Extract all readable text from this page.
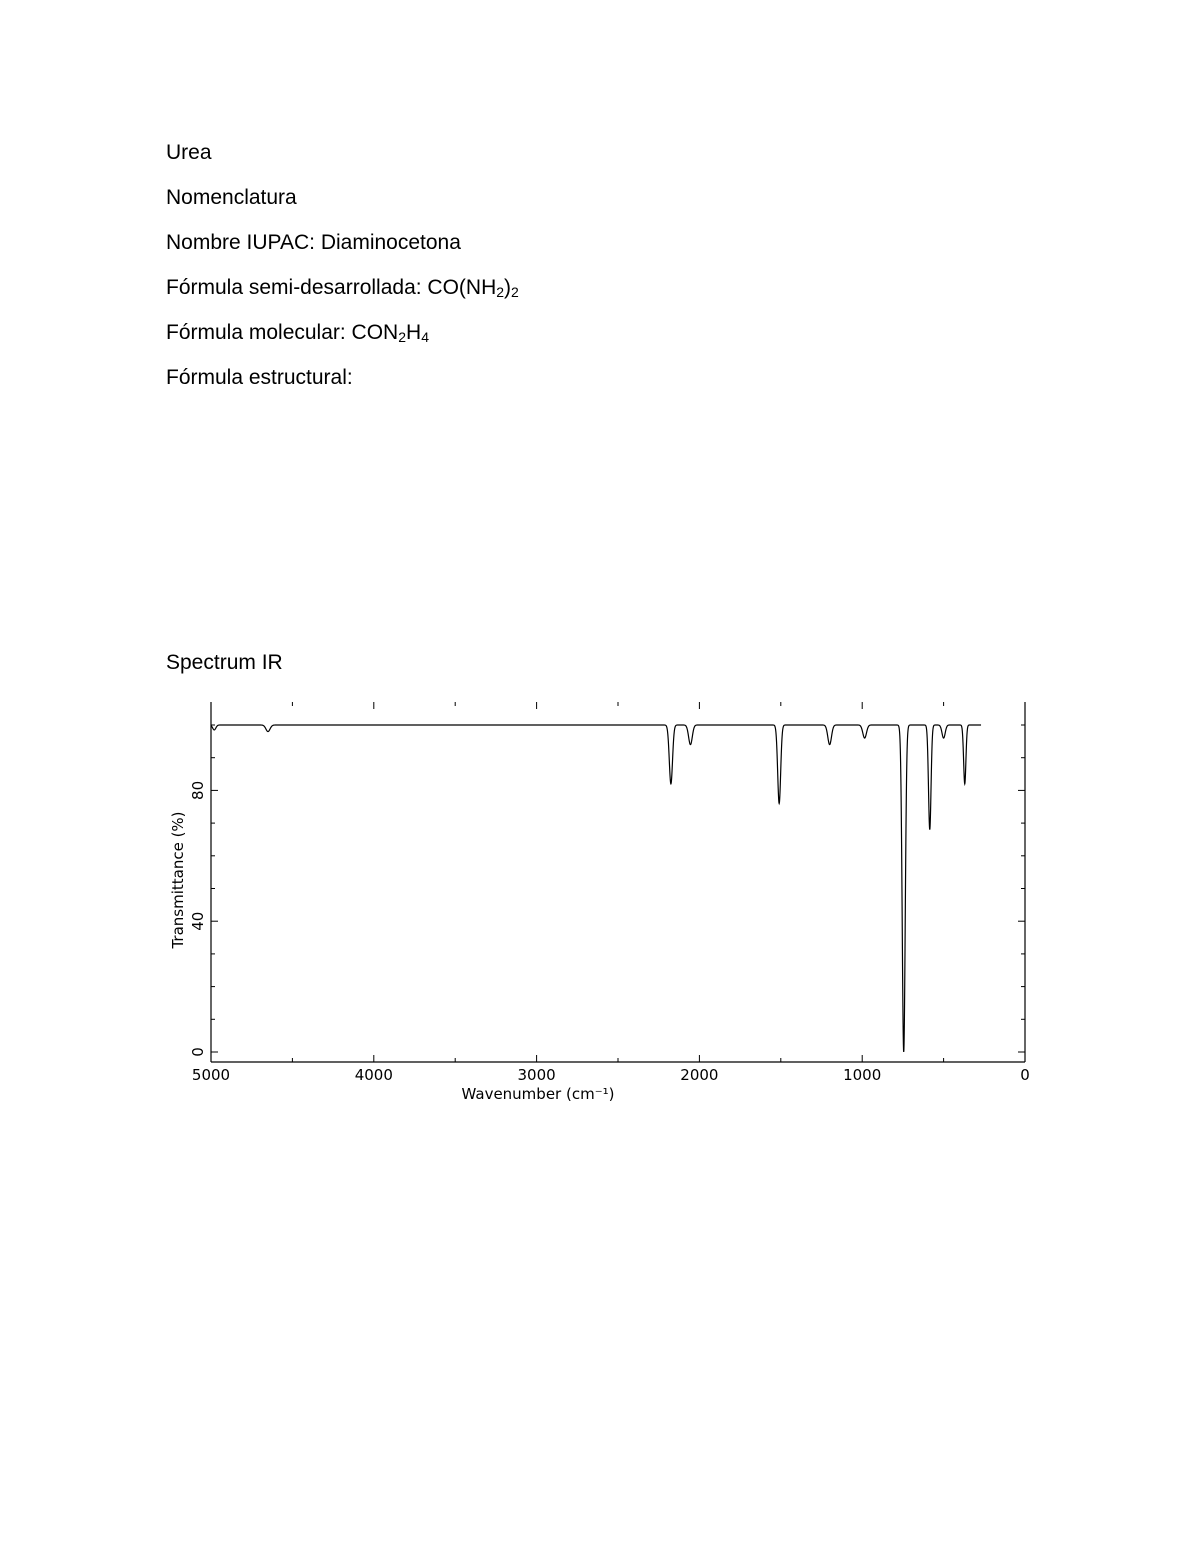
Urea
Nomenclatura

Nombre IUPAC: Diaminocetona

Fórmula semi-desarrollada: $CO(NH_2)_2$

Fórmula molecular: $CON_2H_4$

Fórmula estructural:

Spectrum IR
5000	4000	3000	2000	1000	0
0
40
80
Wavenumber (cm⁻¹)
Transmittance (%)
